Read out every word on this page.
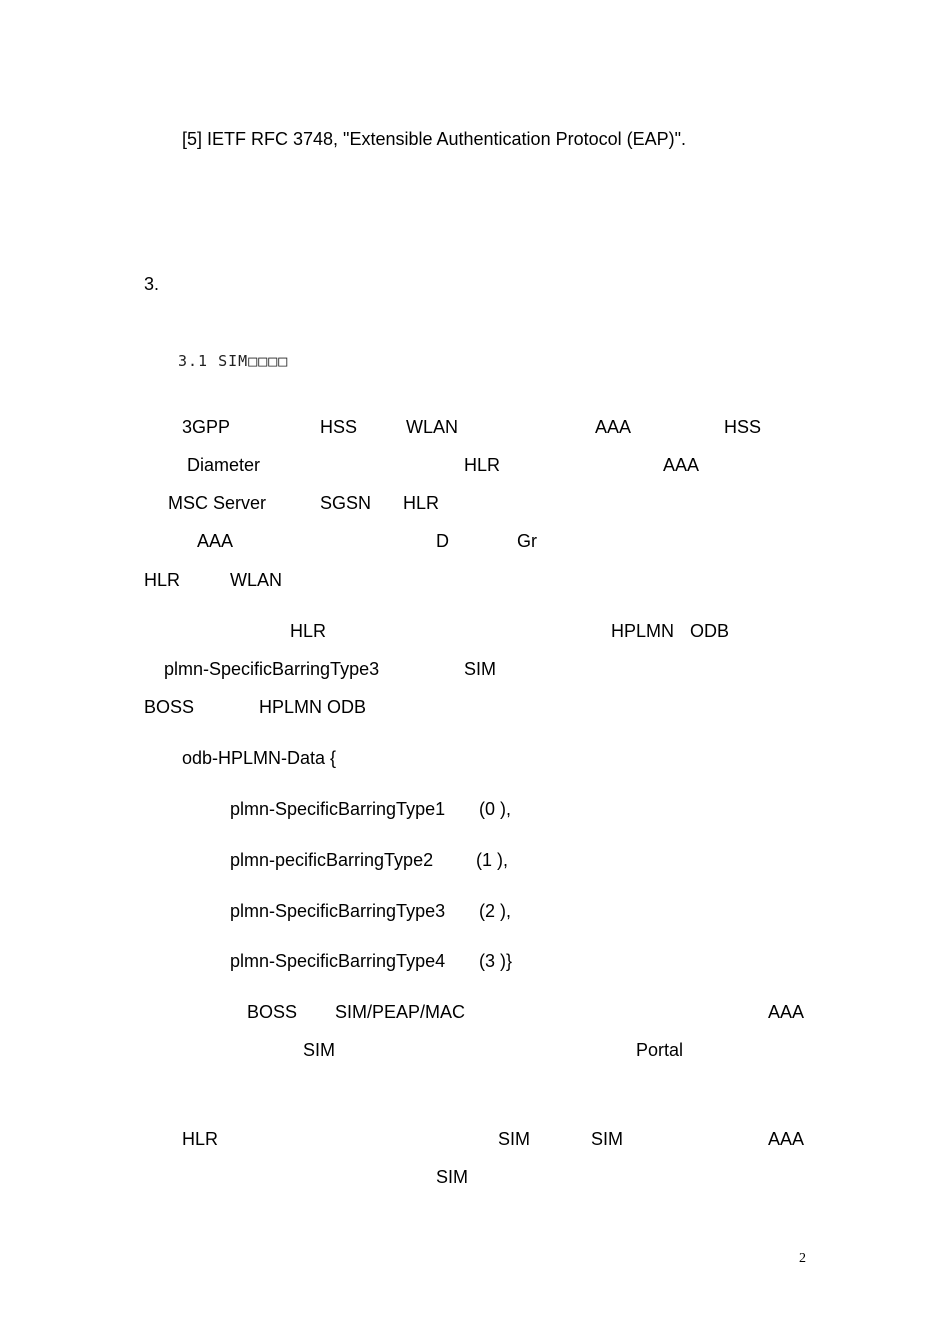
[5] IETF RFC 3748, "Extensible Authentication Protocol (EAP)".
3.
3.1 SIM□□□□
3GPP	HSS	WLAN	AAA	HSS
Diameter	HLR	AAA
MSC Server	SGSN HLR
AAA	D	Gr
HLR	WLAN
HLR	HPLMN ODB
plmn-SpecificBarringType3	SIM
BOSS	HPLMN ODB
odb-HPLMN-Data {
plmn-SpecificBarringType1 (0 ),
plmn-pecificBarringType2 (1 ),
plmn-SpecificBarringType3 (2 ),
plmn-SpecificBarringType4 (3 )}
BOSS SIM/PEAP/MAC	AAA
SIM	Portal
HLR	SIM	SIM	AAA
SIM
2
